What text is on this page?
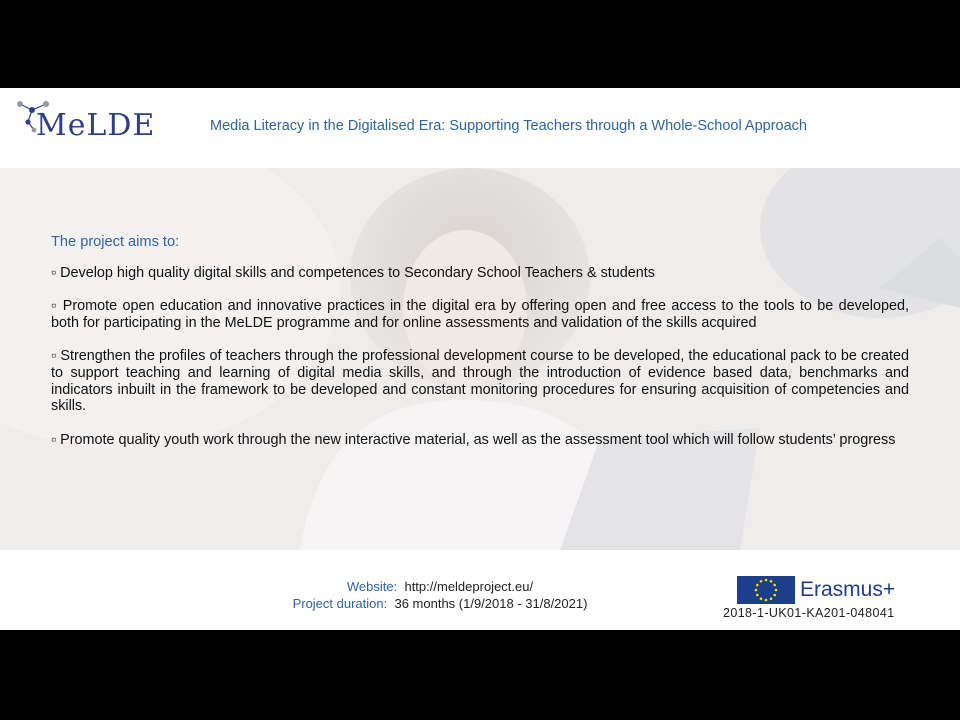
MeLDE	Media Literacy in the Digitalised Era: Supporting Teachers through a Whole-School Approach

The project aims to:

▫ Develop high quality digital skills and competences to Secondary School Teachers & students

▫ Promote open education and innovative practices in the digital era by offering open and free access to the tools to be developed, both for participating in the MeLDE programme and for online assessments and validation of the skills acquired

▫ Strengthen the profiles of teachers through the professional development course to be developed, the educational pack to be created to support teaching and learning of digital media skills, and through the introduction of evidence based data, benchmarks and indicators inbuilt in the framework to be developed and constant monitoring procedures for ensuring acquisition of competencies and skills.

▫ Promote quality youth work through the new interactive material, as well as the assessment tool which will follow students’ progress

Website: http://meldeproject.eu/
Project duration: 36 months (1/9/2018 - 31/8/2021)
Erasmus+
2018-1-UK01-KA201-048041
